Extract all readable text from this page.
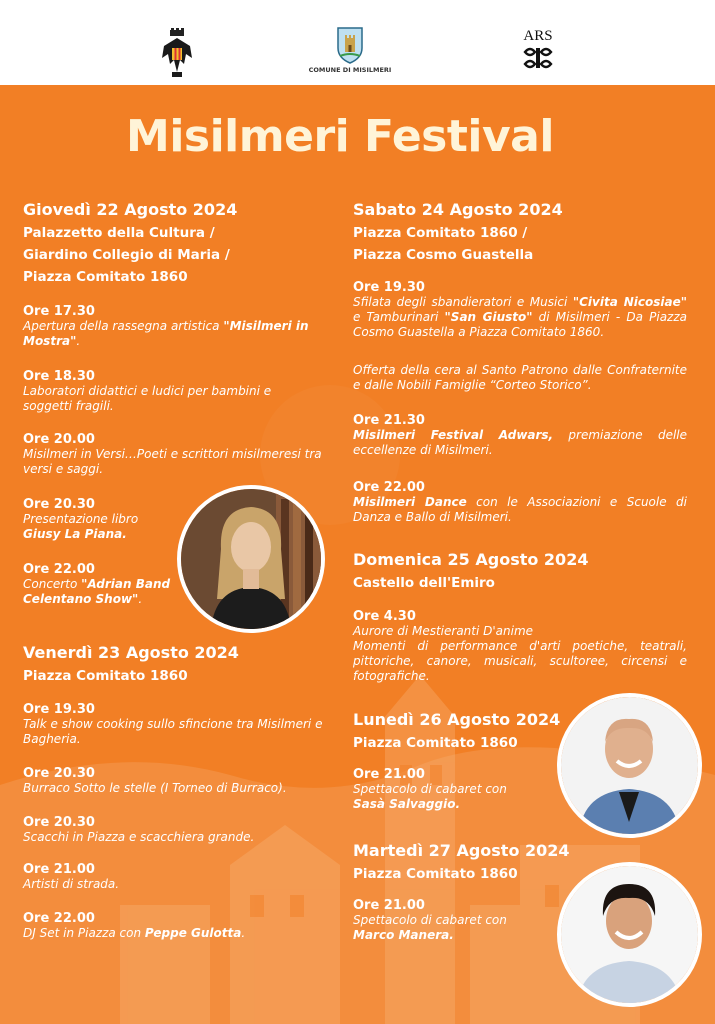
COMUNE DI MISILMERI
ARS
Misilmeri Festival
Giovedì 22 Agosto 2024
Palazzetto della Cultura /
Giardino Collegio di Maria /
Piazza Comitato 1860
Ore 17.30
Apertura della rassegna artistica "Misilmeri in Mostra".
Ore 18.30
Laboratori didattici e ludici per bambini e soggetti fragili.
Ore 20.00
Misilmeri in Versi…Poeti e scrittori misilmeresi tra versi e saggi.
Ore 20.30
Presentazione libro
Giusy La Piana.
Ore 22.00
Concerto "Adrian Band Celentano Show".
Venerdì 23 Agosto 2024
Piazza Comitato 1860
Ore 19.30
Talk e show cooking sullo sfincione tra Misilmeri e Bagheria.
Ore 20.30
Burraco Sotto le stelle (I Torneo di Burraco).
Ore 20.30
Scacchi in Piazza e scacchiera grande.
Ore 21.00
Artisti di strada.
Ore 22.00
DJ Set in Piazza con Peppe Gulotta.
Sabato 24 Agosto 2024
Piazza Comitato 1860 /
Piazza Cosmo Guastella
Ore 19.30
Sfilata degli sbandieratori e Musici "Civita Nicosiae" e Tamburinari "San Giusto" di Misilmeri - Da Piazza Cosmo Guastella a Piazza Comitato 1860.
Offerta della cera al Santo Patrono dalle Confraternite e dalle Nobili Famiglie “Corteo Storico”.
Ore 21.30
Misilmeri Festival Adwars, premiazione delle eccellenze di Misilmeri.
Ore 22.00
Misilmeri Dance con le Associazioni e Scuole di Danza e Ballo di Misilmeri.
Domenica 25 Agosto 2024
Castello dell'Emiro
Ore 4.30
Aurore di Mestieranti D'anime
Momenti di performance d'arti poetiche, teatrali, pittoriche, canore, musicali, scultoree, circensi e fotografiche.
Lunedì 26 Agosto 2024
Piazza Comitato 1860
Ore 21.00
Spettacolo di cabaret con
Sasà Salvaggio.
Martedì 27 Agosto 2024
Piazza Comitato 1860
Ore 21.00
Spettacolo di cabaret con
Marco Manera.
